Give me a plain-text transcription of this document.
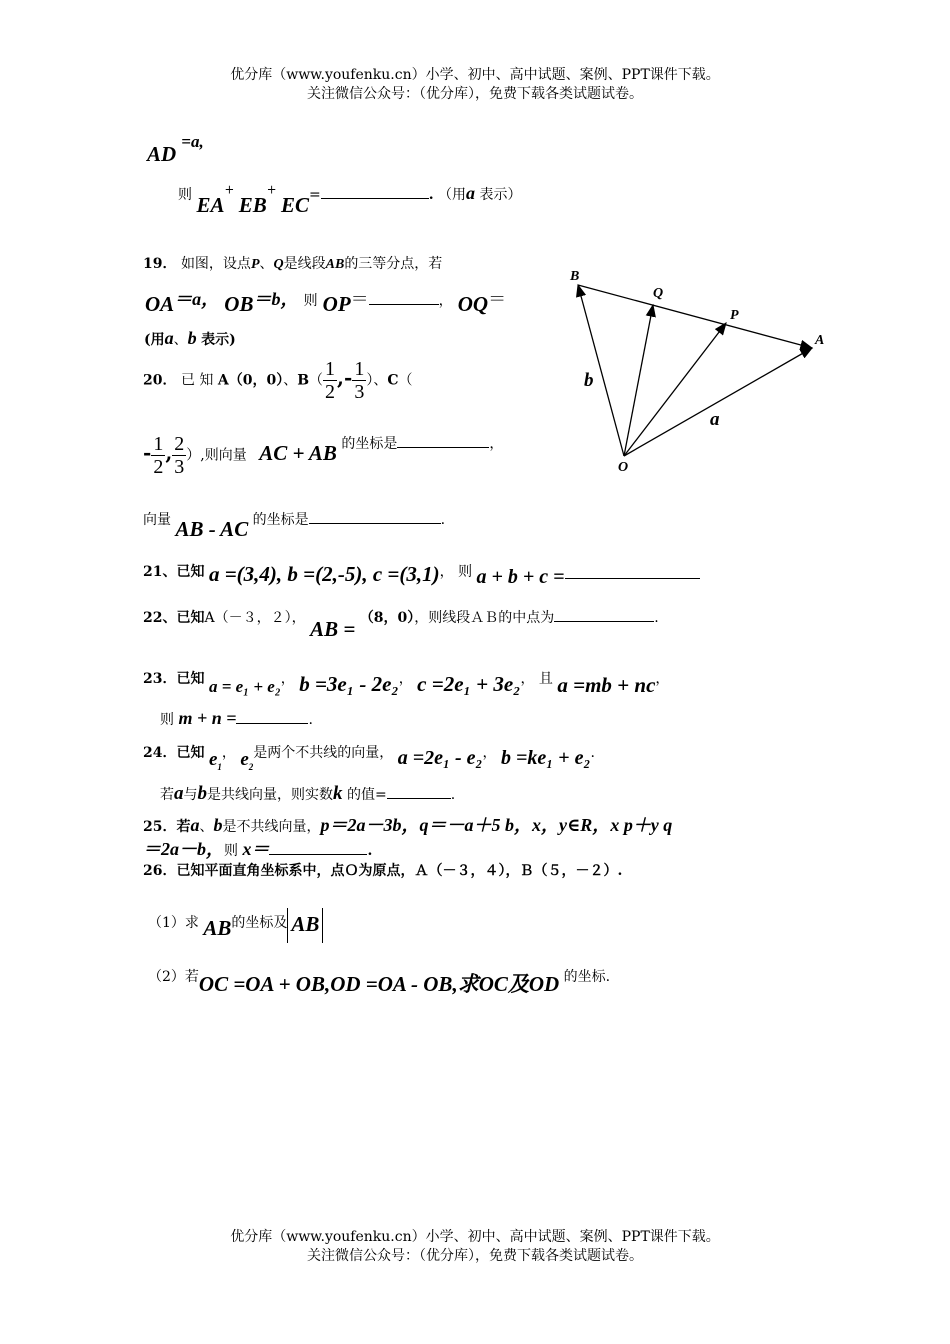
优分库（www.youfenku.cn）小学、初中、高中试题、案例、PPT课件下载。
关注微信公众号：（优分库），免费下载各类试题试卷。
AD =a,
则 EA+ EB+ EC=	. （用a 表示）
19． 如图，设点P、Q是线段AB的三等分点，若
OA＝a， OB＝b， 则 OP＝	， OQ＝
(用a、b 表示)
B
Q
P
A
O
a
b
20． 已 知 A（0，0）、$B( \frac{1}{2}$ ,- $\frac{1}{3}$ ）、C（
- $\frac{1}{2}$ , $\frac{2}{3}$ ）,则向量 AC + AB 的坐标是	，
向量 AB - AC 的坐标是	.
21、已知 a =(3,4), b =(2,-5), c =(3,1)， 则 a + b + c =
22、已知A（－３，２）， AB = （8，0），则线段ＡＢ的中点为	.
23．已知 a = e₁ + e₂， b =3e₁ - 2e₂， c =2e₁ + 3e₂， 且 a =mb + nc，
则 m + n =	.
24．已知 $e_1$， $e_2$是两个不共线的向量， a =2e₁ - e₂， b =ke₁ + e₂.
若a与b是共线向量，则实数k 的值=	.
25．若a、b是不共线向量，p＝2a－3b，q＝－a＋5 b，x，y∈R，x p＋y q
＝2a－b，则 x＝	.
26．已知平面直角坐标系中，点Ｏ为原点，Ａ（－３，４），Ｂ（５，－２）.
（1）求 AB的坐标及 AB
（2）若OC =OA + OB,OD =OA - OB,求OC及OD 的坐标.
优分库（www.youfenku.cn）小学、初中、高中试题、案例、PPT课件下载。
关注微信公众号：（优分库），免费下载各类试题试卷。
